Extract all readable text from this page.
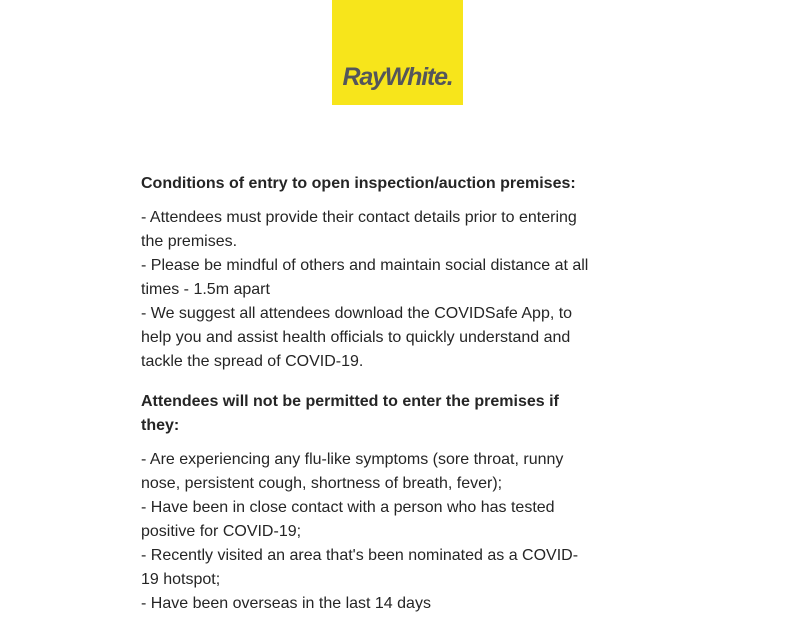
RayWhite.
Conditions of entry to open inspection/auction premises:
- Attendees must provide their contact details prior to entering
the premises.
- Please be mindful of others and maintain social distance at all
times - 1.5m apart
- We suggest all attendees download the COVIDSafe App, to
help you and assist health officials to quickly understand and
tackle the spread of COVID-19.
Attendees will not be permitted to enter the premises if
they:
- Are experiencing any flu-like symptoms (sore throat, runny
nose, persistent cough, shortness of breath, fever);
- Have been in close contact with a person who has tested
positive for COVID-19;
- Recently visited an area that's been nominated as a COVID-
19 hotspot;
- Have been overseas in the last 14 days
